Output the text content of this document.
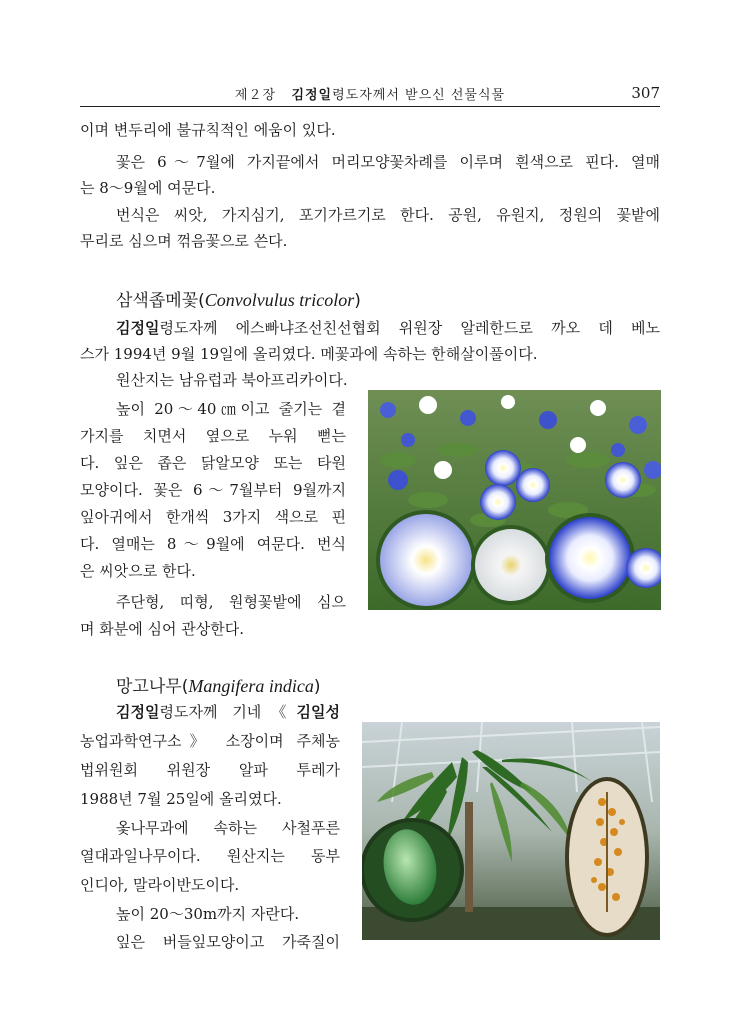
제２장 김정일령도자께서 받으신 선물식물	307
이며 변두리에 불규칙적인 에움이 있다.
꽃은 6～7월에 가지끝에서 머리모양꽃차례를 이루며 흰색으로 핀다. 열매
는 8～9월에 여문다.
번식은 씨앗, 가지심기, 포기가르기로 한다. 공원, 유원지, 정원의 꽃밭에
무리로 심으며 꺾음꽃으로 쓴다.
삼색좁메꽃(Convolvulus tricolor)
김정일령도자께 에스빠냐조선친선협회 위원장 알레한드로 까오 데 베노
스가 1994년 9월 19일에 올리였다. 메꽃과에 속하는 한해살이풀이다.
원산지는 남유럽과 북아프리카이다.
높이 20～40㎝이고 줄기는 곁
가지를 치면서 옆으로 누워 뻗는
다. 잎은 좁은 닭알모양 또는 타원
모양이다. 꽃은 6～7월부터 9월까지
잎아귀에서 한개씩 3가지 색으로 핀
다. 열매는 8～9월에 여문다. 번식
은 씨앗으로 한다.
주단형, 띠형, 원형꽃밭에 심으
며 화분에 심어 관상한다.
망고나무(Mangifera indica)
김정일령도자께 기네《김일성
농업과학연구소》 소장이며 주체농
법위원회 위원장 알파 투레가
1988년 7월 25일에 올리였다.
옻나무과에 속하는 사철푸른
열대과일나무이다. 원산지는 동부
인디아, 말라이반도이다.
높이 20～30m까지 자란다.
잎은 버들잎모양이고 가죽질이
